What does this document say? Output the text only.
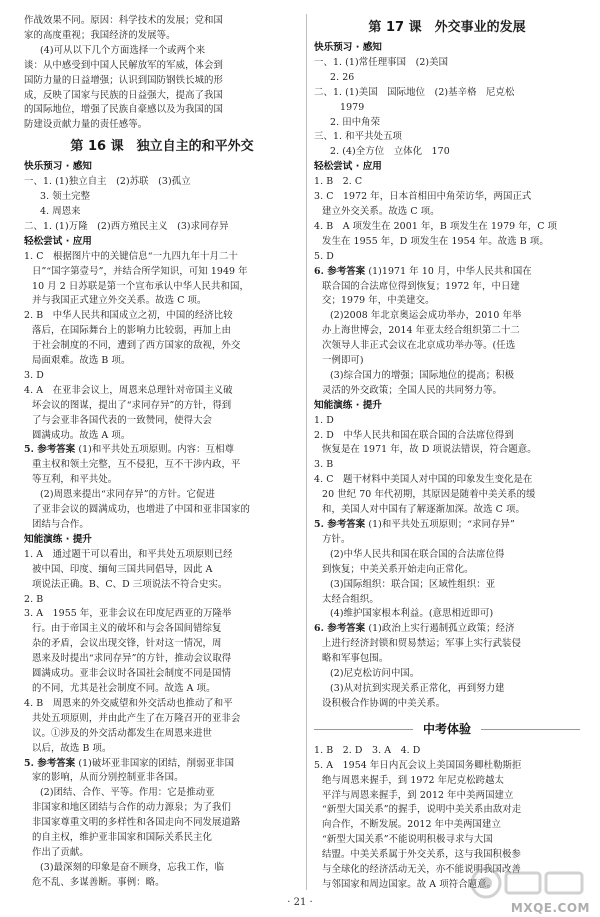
作战效果不同。原因：科学技术的发展；党和国
家的高度重视；我国经济的发展等。
(4)可从以下几个方面选择一个或两个来
谈：从中感受到中国人民解放军的军威，体会到
国防力量的日益增强；认识到国防钢铁长城的形
成，反映了国家与民族的日益强大，提高了我国
的国际地位，增强了民族自豪感以及为我国的国
防建设贡献力量的责任感等。
第 16 课　独立自主的和平外交
快乐预习 · 感知
一、1. (1)独立自主　(2)苏联　(3)孤立
3. 领土完整
4. 周恩来
二、1. (1)万隆　(2)西方殖民主义　(3)求同存异
轻松尝试 · 应用
1. C　根据图片中的关键信息“一九四九年十月二十
日”“国字第壹号”，并结合所学知识，可知 1949 年
10 月 2 日苏联是第一个宣布承认中华人民共和国，
并与我国正式建立外交关系。故选 C 项。
2. B　中华人民共和国成立之初，中国的经济比较
落后，在国际舞台上的影响力比较弱，再加上由
于社会制度的不同，遭到了西方国家的敌视，外交
局面艰难。故选 B 项。
3. D
4. A　在亚非会议上，周恩来总理针对帝国主义破
坏会议的图谋，提出了“求同存异”的方针，得到
了与会亚非各国代表的一致赞同，使得大会
圆满成功。故选 A 项。
5. 参考答案 (1)和平共处五项原则。内容：互相尊
重主权和领土完整，互不侵犯，互不干涉内政，平
等互利，和平共处。
(2)周恩来提出“求同存异”的方针。它促进
了亚非会议的圆满成功，也增进了中国和亚非国家的
团结与合作。
知能演练 · 提升
1. A　通过题干可以看出，和平共处五项原则已经
被中国、印度、缅甸三国共同倡导，因此 A
项说法正确。B、C、D 三项说法不符合史实。
2. B
3. A　1955 年，亚非会议在印度尼西亚的万隆举
行。由于帝国主义的破坏和与会各国间错综复
杂的矛盾，会议出现交锋，针对这一情况，周
恩来及时提出“求同存异”的方针，推动会议取得
圆满成功。亚非会议时各国社会制度不同是国情
的不同，尤其是社会制度不同。故选 A 项。
4. B　周恩来的外交威望和外交活动也推动了和平
共处五项原则，并由此产生了在万隆召开的亚非会
议。①涉及的外交活动都发生在周恩来进世
以后，故选 B 项。
5. 参考答案 (1)破坏亚非国家的团结，削弱亚非国
家的影响，从而分别控制亚非各国。
(2)团结、合作、平等。作用：它是推动亚
非国家和地区团结与合作的动力源泉；为了我们
非国家尊重文明的多样性和各国走向不同发展道路
的自主权，维护亚非国家和国际关系民主化
作出了贡献。
(3)最深刻的印象是奋不顾身，忘我工作，临
危不乱、多谋善断。事例：略。
第 17 课　外交事业的发展
快乐预习 · 感知
一、1. (1)常任理事国　(2)美国
2. 26
二、1. (1)美国　国际地位　(2)基辛格　尼克松
1979
2. 田中角荣
三、1. 和平共处五项
2. (4)全方位　立体化　170
轻松尝试 · 应用
1. B　2. C
3. C　1972 年，日本首相田中角荣访华，两国正式
建立外交关系。故选 C 项。
4. B　A 项发生在 2001 年，B 项发生在 1979 年，C 项
发生在 1955 年，D 项发生在 1954 年。故选 B 项。
5. D
6. 参考答案 (1)1971 年 10 月，中华人民共和国在
联合国的合法席位得到恢复；1972 年，中日建
交；1979 年，中美建交。
(2)2008 年北京奥运会成功举办，2010 年举
办上海世博会，2014 年亚太经合组织第二十二
次领导人非正式会议在北京成功举办等。(任选
一例即可)
(3)综合国力的增强；国际地位的提高；积极
灵活的外交政策；全国人民的共同努力等。
知能演练 · 提升
1. D
2. D　中华人民共和国在联合国的合法席位得到
恢复是在 1971 年，故 D 项说法错误，符合题意。
3. B
4. C　题干材料中美国人对中国的印象发生变化是在
20 世纪 70 年代初期，其原因是随着中美关系的缓
和，美国人对中国有了解逐渐加深。故选 C 项。
5. 参考答案 (1)和平共处五项原则；“求同存异”
方针。
(2)中华人民共和国在联合国的合法席位得
到恢复；中美关系开始走向正常化。
(3)国际组织：联合国；区域性组织：亚
太经合组织。
(4)维护国家根本利益。(意思相近即可)
6. 参考答案 (1)政治上实行遏制孤立政策；经济
上进行经济封锁和贸易禁运；军事上实行武装侵
略和军事包围。
(2)尼克松访问中国。
(3)从对抗到实现关系正常化，再到努力建
设积极合作协调的中美关系。
中考体验
1. B　2. D　3. A　4. D
5. A　1954 年日内瓦会议上美国国务卿杜勒斯拒
绝与周恩来握手，到 1972 年尼克松跨越太
平洋与周恩来握手，到 2012 年中美两国建立
“新型大国关系”的握手，说明中美关系由敌对走
向合作，不断发展。2012 年中美两国建立
“新型大国关系”不能说明积极寻求与大国
结盟。中美关系属于外交关系，这与我国积极参
与全球化的经济活动无关，亦不能说明我国改善
与邻国家和周边国家。故 A 项符合题意。
· 21 ·	MXQE.COM
